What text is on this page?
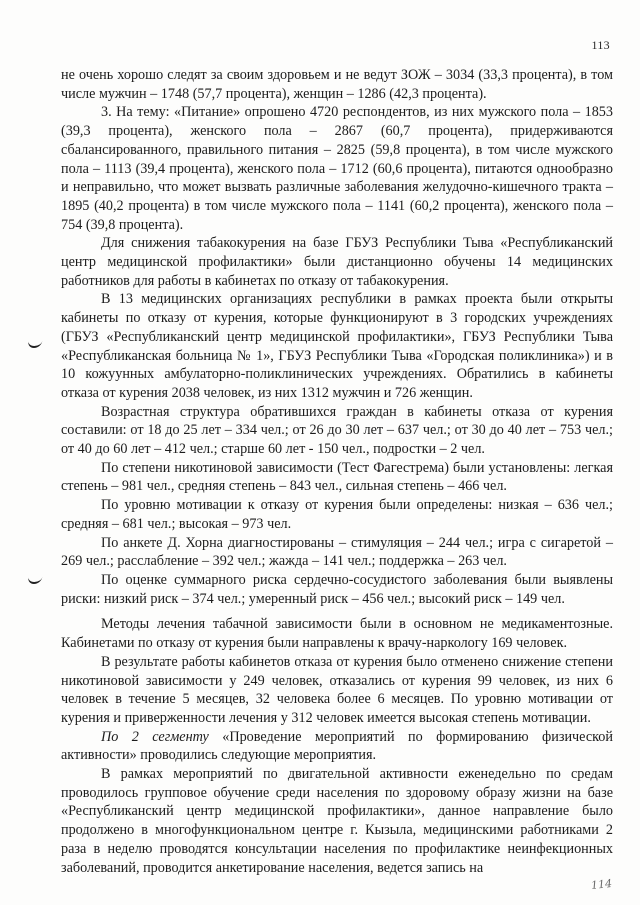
113

не очень хорошо следят за своим здоровьем и не ведут ЗОЖ – 3034 (33,3 процента), в том числе мужчин – 1748 (57,7 процента), женщин – 1286 (42,3 процента).

3. На тему: «Питание» опрошено 4720 респондентов, из них мужского пола – 1853 (39,3 процента), женского пола – 2867 (60,7 процента), придерживаются сбалансированного, правильного питания – 2825 (59,8 процента), в том числе мужского пола – 1113 (39,4 процента), женского пола – 1712 (60,6 процента), питаются однообразно и неправильно, что может вызвать различные заболевания желудочно-кишечного тракта – 1895 (40,2 процента) в том числе мужского пола – 1141 (60,2 процента), женского пола – 754 (39,8 процента).

Для снижения табакокурения на базе ГБУЗ Республики Тыва «Республиканский центр медицинской профилактики» были дистанционно обучены 14 медицинских работников для работы в кабинетах по отказу от табакокурения.

В 13 медицинских организациях республики в рамках проекта были открыты кабинеты по отказу от курения, которые функционируют в 3 городских учреждениях (ГБУЗ «Республиканский центр медицинской профилактики», ГБУЗ Республики Тыва «Республиканская больница № 1», ГБУЗ Республики Тыва «Городская поликлиника») и в 10 кожуунных амбулаторно-поликлинических учреждениях. Обратились в кабинеты отказа от курения 2038 человек, из них 1312 мужчин и 726 женщин.

Возрастная структура обратившихся граждан в кабинеты отказа от курения составили: от 18 до 25 лет – 334 чел.; от 26 до 30 лет – 637 чел.; от 30 до 40 лет – 753 чел.; от 40 до 60 лет – 412 чел.; старше 60 лет - 150 чел., подростки – 2 чел.

По степени никотиновой зависимости (Тест Фагестрема) были установлены: легкая степень – 981 чел., средняя степень – 843 чел., сильная степень – 466 чел.

По уровню мотивации к отказу от курения были определены: низкая – 636 чел.; средняя – 681 чел.; высокая – 973 чел.

По анкете Д. Хорна диагностированы – стимуляция – 244 чел.; игра с сигаретой – 269 чел.; расслабление – 392 чел.; жажда – 141 чел.; поддержка – 263 чел.

По оценке суммарного риска сердечно-сосудистого заболевания были выявлены риски: низкий риск – 374 чел.; умеренный риск – 456 чел.; высокий риск – 149 чел.

Методы лечения табачной зависимости были в основном не медикаментозные. Кабинетами по отказу от курения были направлены к врачу-наркологу 169 человек.

В результате работы кабинетов отказа от курения было отменено снижение степени никотиновой зависимости у 249 человек, отказались от курения 99 человек, из них 6 человек в течение 5 месяцев, 32 человека более 6 месяцев. По уровню мотивации от курения и приверженности лечения у 312 человек имеется высокая степень мотивации.

По 2 сегменту «Проведение мероприятий по формированию физической активности» проводились следующие мероприятия.

В рамках мероприятий по двигательной активности еженедельно по средам проводилось групповое обучение среди населения по здоровому образу жизни на базе «Республиканский центр медицинской профилактики», данное направление было продолжено в многофункциональном центре г. Кызыла, медицинскими работниками 2 раза в неделю проводятся консультации населения по профилактике неинфекционных заболеваний, проводится анкетирование населения, ведется запись на

114
